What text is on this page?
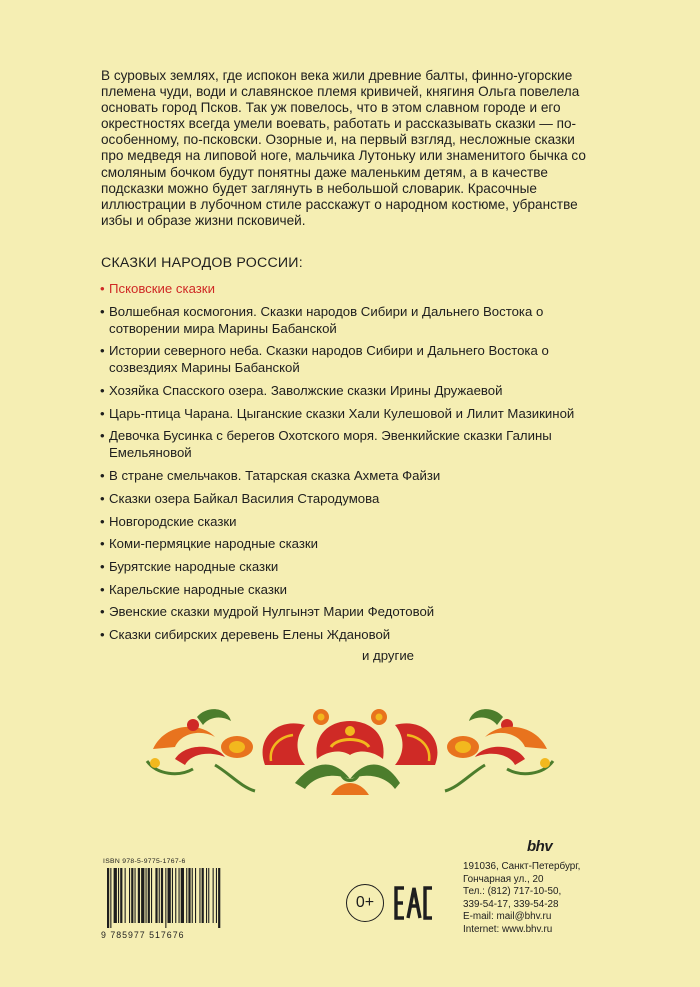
В суровых землях, где испокон века жили древние балты, финно-угорские племена чуди, води и славянское племя кривичей, княгиня Ольга повелела основать город Псков. Так уж повелось, что в этом славном городе и его окрестностях всегда умели воевать, работать и рассказывать сказки — по-особенному, по-псковски. Озорные и, на первый взгляд, несложные сказки про медведя на липовой ноге, мальчика Лутоньку или знаменитого бычка со смоляным бочком будут понятны даже маленьким детям, а в качестве подсказки можно будет заглянуть в небольшой словарик. Красочные иллюстрации в лубочном стиле расскажут о народном костюме, убранстве избы и образе жизни псковичей.

СКАЗКИ НАРОДОВ РОССИИ:
• Псковские сказки
• Волшебная космогония. Сказки народов Сибири и Дальнего Востока о сотворении мира Марины Бабанской
• Истории северного неба. Сказки народов Сибири и Дальнего Востока о созвездиях Марины Бабанской
• Хозяйка Спасского озера. Заволжские сказки Ирины Дружаевой
• Царь-птица Чарана. Цыганские сказки Хали Кулешовой и Лилит Мазикиной
• Девочка Бусинка с берегов Охотского моря. Эвенкийские сказки Галины Емельяновой
• В стране смельчаков. Татарская сказка Ахмета Файзи
• Сказки озера Байкал Василия Стародумова
• Новгородские сказки
• Коми-пермяцкие народные сказки
• Бурятские народные сказки
• Карельские народные сказки
• Эвенские сказки мудрой Нулгынэт Марии Федотовой
• Сказки сибирских деревень Елены Ждановой

и другие

ISBN 978-5-9775-1767-6
9 785977 517676
0+
bhv
191036, Санкт-Петербург,
Гончарная ул., 20
Тел.: (812) 717-10-50,
339-54-17, 339-54-28
E-mail: mail@bhv.ru
Internet: www.bhv.ru
